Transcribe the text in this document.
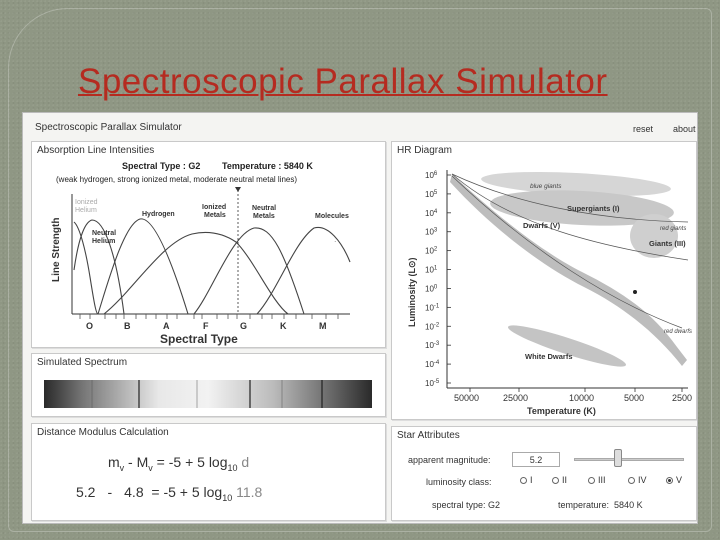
Spectroscopic Parallax Simulator
Spectroscopic Parallax Simulator	reset about
Absorption Line Intensities
Spectral Type : G2 Temperature : 5840 K
(weak hydrogen, strong ionized metal, moderate neutral metal lines)
Line Strength
O	B	A	F	G	K	M
Spectral Type
.
Ionized
Helium
Neutral
Helium
Hydrogen
Ionized
Metals
Neutral
Metals	Molecules
Simulated Spectrum
Distance Modulus Calculation
$m_v - M_v = -5 + 5$ $\log_{10} d$
5.2 - 4.8 = -5 + 5 $\log_{10} 11.8$
HR Diagram
Luminosity (L⊙)
$10^6$
$10^5$
$10^4$
$10^3$
$10^2$
$10^1$
$10^0$
$10^{-1}$
$10^{-2}$
$10^{-3}$
$10^{-4}$
$10^{-5}$
50000	25000	10000	5000	2500
Temperature (K)
blue giants
Supergiants (I)
red giants
Giants (III)
Dwarfs (V)
red dwarfs
White Dwarfs
Star Attributes
apparent magnitude:
5.2
luminosity class:	I	II	III	IV	V
spectral type: G2	temperature: 5840 K
